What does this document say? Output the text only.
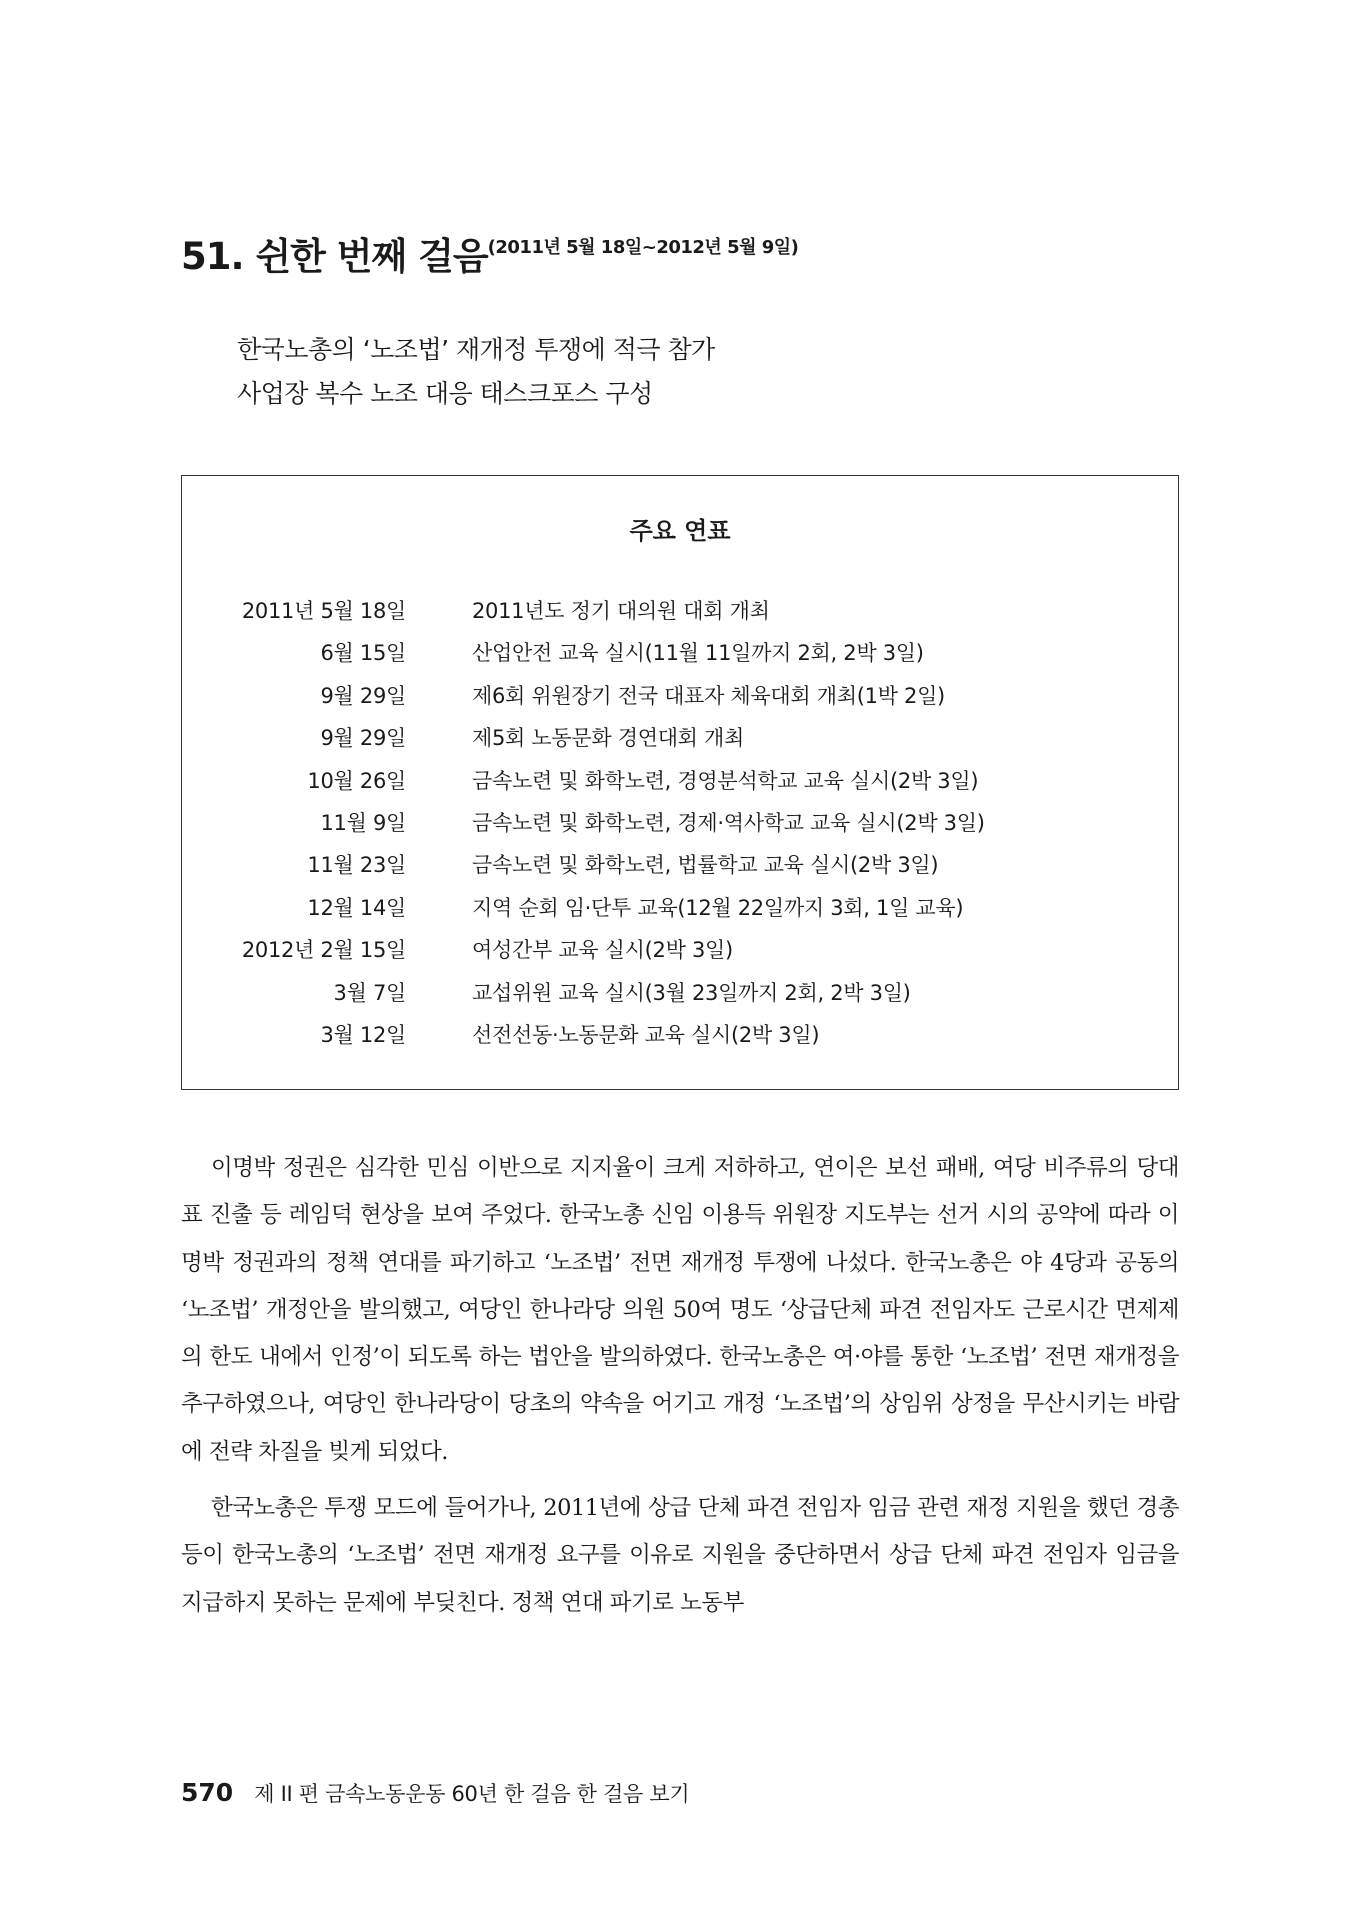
51. 쉰한 번째 걸음(2011년 5월 18일~2012년 5월 9일)
한국노총의 ‘노조법’ 재개정 투쟁에 적극 참가
사업장 복수 노조 대응 태스크포스 구성
주요 연표
2011년 5월 18일	2011년도 정기 대의원 대회 개최
6월 15일	산업안전 교육 실시(11월 11일까지 2회, 2박 3일)
9월 29일	제6회 위원장기 전국 대표자 체육대회 개최(1박 2일)
9월 29일	제5회 노동문화 경연대회 개최
10월 26일	금속노련 및 화학노련, 경영분석학교 교육 실시(2박 3일)
11월 9일	금속노련 및 화학노련, 경제·역사학교 교육 실시(2박 3일)
11월 23일	금속노련 및 화학노련, 법률학교 교육 실시(2박 3일)
12월 14일	지역 순회 임·단투 교육(12월 22일까지 3회, 1일 교육)
2012년 2월 15일	여성간부 교육 실시(2박 3일)
3월 7일	교섭위원 교육 실시(3월 23일까지 2회, 2박 3일)
3월 12일	선전선동·노동문화 교육 실시(2박 3일)

이명박 정권은 심각한 민심 이반으로 지지율이 크게 저하하고, 연이은 보선 패배, 여당 비주류의 당대표 진출 등 레임덕 현상을 보여 주었다. 한국노총 신임 이용득 위원장 지도부는 선거 시의 공약에 따라 이명박 정권과의 정책 연대를 파기하고 ‘노조법’ 전면 재개정 투쟁에 나섰다. 한국노총은 야 4당과 공동의 ‘노조법’ 개정안을 발의했고, 여당인 한나라당 의원 50여 명도 ‘상급단체 파견 전임자도 근로시간 면제제의 한도 내에서 인정’이 되도록 하는 법안을 발의하였다. 한국노총은 여·야를 통한 ‘노조법’ 전면 재개정을 추구하였으나, 여당인 한나라당이 당초의 약속을 어기고 개정 ‘노조법’의 상임위 상정을 무산시키는 바람에 전략 차질을 빚게 되었다.

한국노총은 투쟁 모드에 들어가나, 2011년에 상급 단체 파견 전임자 임금 관련 재정 지원을 했던 경총 등이 한국노총의 ‘노조법’ 전면 재개정 요구를 이유로 지원을 중단하면서 상급 단체 파견 전임자 임금을 지급하지 못하는 문제에 부딪친다. 정책 연대 파기로 노동부

570 제 II 편 금속노동운동 60년 한 걸음 한 걸음 보기
